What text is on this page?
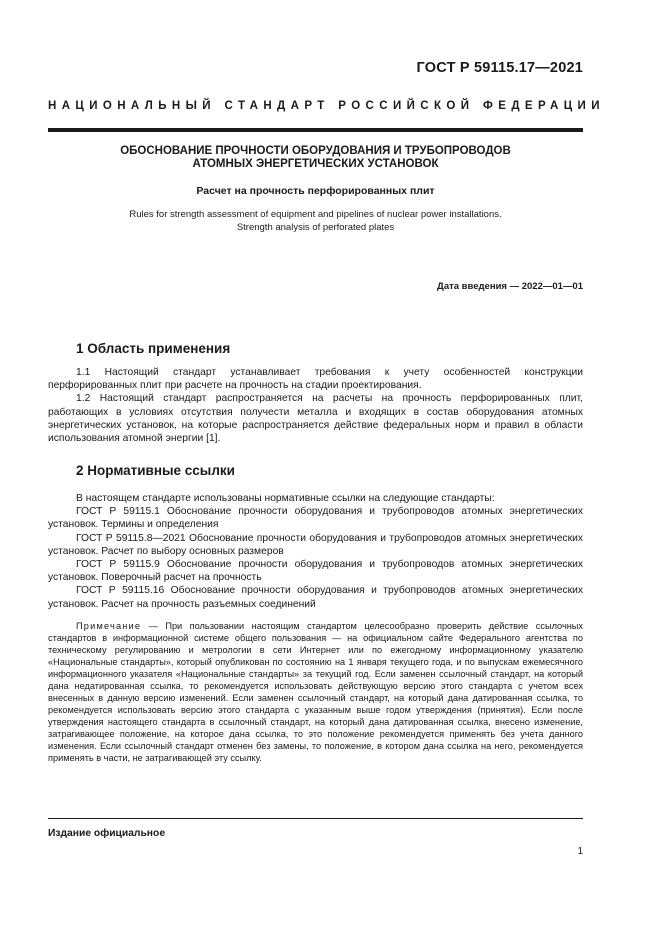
ГОСТ Р 59115.17—2021
НАЦИОНАЛЬНЫЙ СТАНДАРТ РОССИЙСКОЙ ФЕДЕРАЦИИ
ОБОСНОВАНИЕ ПРОЧНОСТИ ОБОРУДОВАНИЯ И ТРУБОПРОВОДОВ
АТОМНЫХ ЭНЕРГЕТИЧЕСКИХ УСТАНОВОК
Расчет на прочность перфорированных плит
Rules for strength assessment of equipment and pipelines of nuclear power installations.
Strength analysis of perforated plates
Дата введения — 2022—01—01
1 Область применения

1.1 Настоящий стандарт устанавливает требования к учету особенностей конструкции перфорированных плит при расчете на прочность на стадии проектирования.

1.2 Настоящий стандарт распространяется на расчеты на прочность перфорированных плит, работающих в условиях отсутствия получести металла и входящих в состав оборудования атомных энергетических установок, на которые распространяется действие федеральных норм и правил в области использования атомной энергии [1].

2 Нормативные ссылки

В настоящем стандарте использованы нормативные ссылки на следующие стандарты:

ГОСТ Р 59115.1 Обоснование прочности оборудования и трубопроводов атомных энергетических установок. Термины и определения

ГОСТ Р 59115.8—2021 Обоснование прочности оборудования и трубопроводов атомных энергетических установок. Расчет по выбору основных размеров

ГОСТ Р 59115.9 Обоснование прочности оборудования и трубопроводов атомных энергетических установок. Поверочный расчет на прочность

ГОСТ Р 59115.16 Обоснование прочности оборудования и трубопроводов атомных энергетических установок. Расчет на прочность разъемных соединений

Примечание — При пользовании настоящим стандартом целесообразно проверить действие ссылочных стандартов в информационной системе общего пользования — на официальном сайте Федерального агентства по техническому регулированию и метрологии в сети Интернет или по ежегодному информационному указателю «Национальные стандарты», который опубликован по состоянию на 1 января текущего года, и по выпускам ежемесячного информационного указателя «Национальные стандарты» за текущий год. Если заменен ссылочный стандарт, на который дана недатированная ссылка, то рекомендуется использовать действующую версию этого стандарта с учетом всех внесенных в данную версию изменений. Если заменен ссылочный стандарт, на который дана датированная ссылка, то рекомендуется использовать версию этого стандарта с указанным выше годом утверждения (принятия). Если после утверждения настоящего стандарта в ссылочный стандарт, на который дана датированная ссылка, внесено изменение, затрагивающее положение, на которое дана ссылка, то это положение рекомендуется применять без учета данного изменения. Если ссылочный стандарт отменен без замены, то положение, в котором дана ссылка на него, рекомендуется применять в части, не затрагивающей эту ссылку.

Издание официальное
1
